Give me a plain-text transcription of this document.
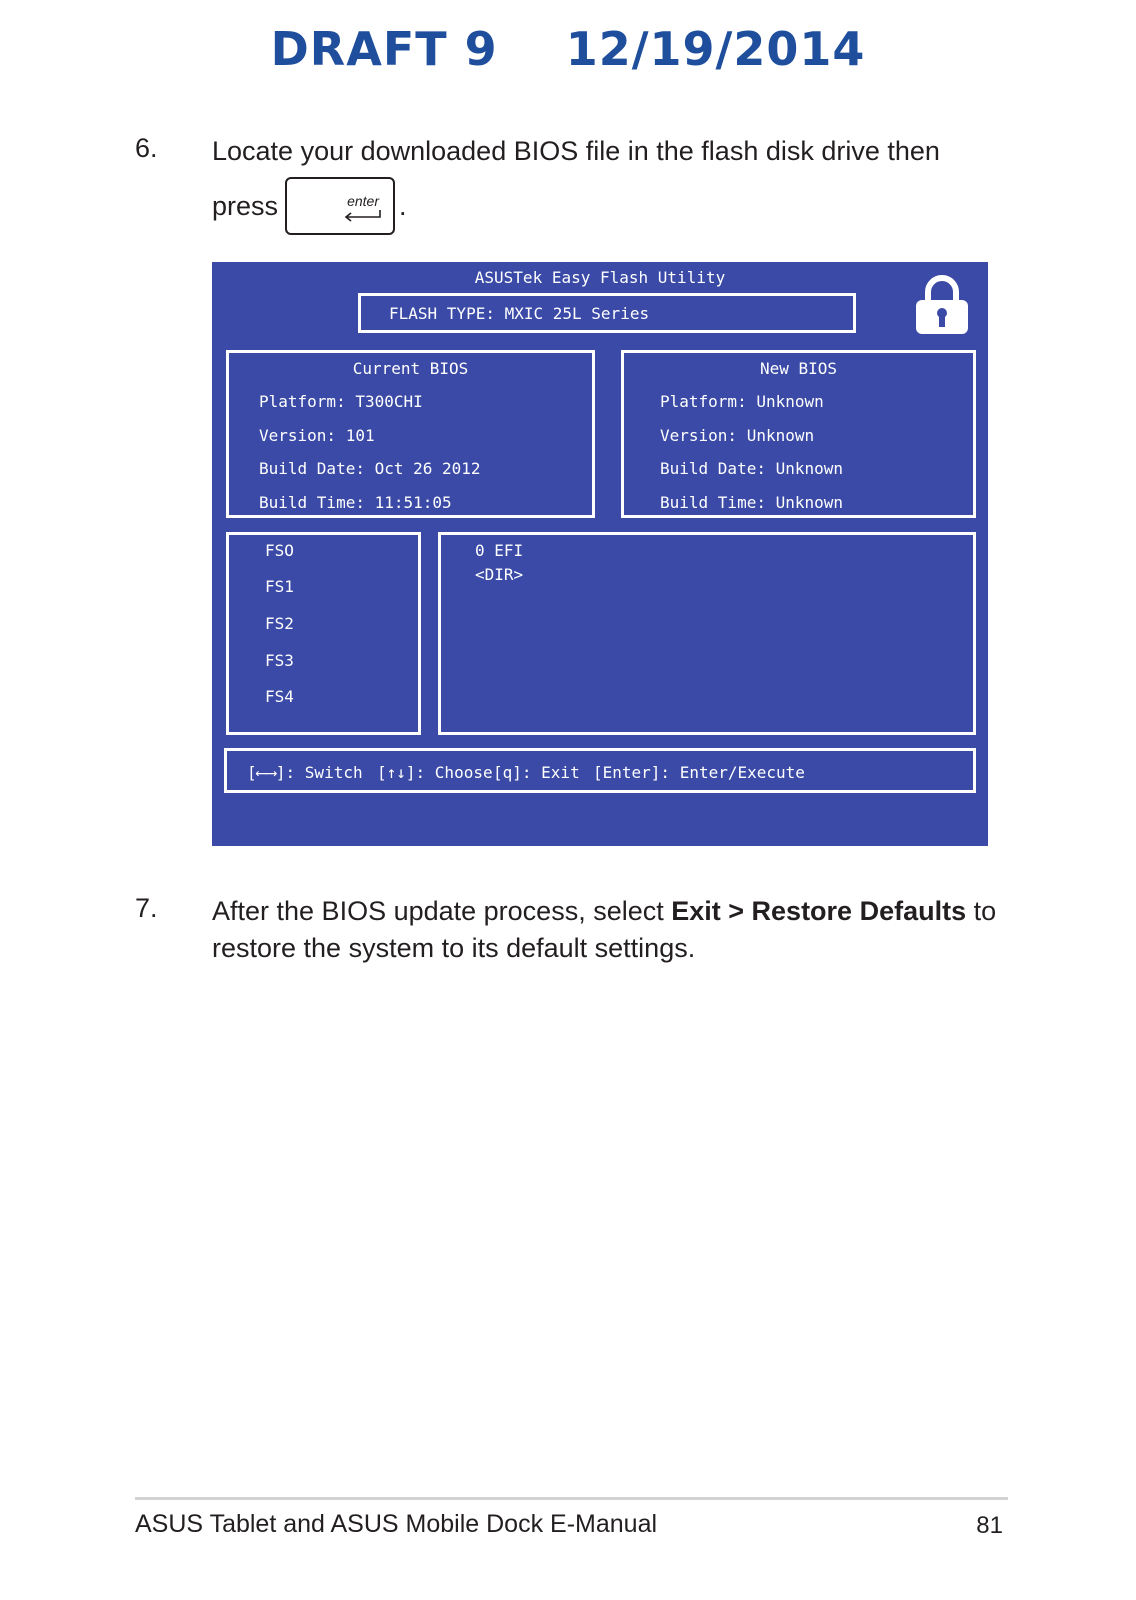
DRAFT 9    12/19/2014
6. Locate your downloaded BIOS file in the flash disk drive then
press	enter .
ASUSTek Easy Flash Utility
FLASH TYPE: MXIC 25L Series
Current BIOS
Platform: T300CHI
Version: 101
Build Date: Oct 26 2012
Build Time: 11:51:05
New BIOS
Platform: Unknown
Version: Unknown
Build Date: Unknown
Build Time: Unknown
FSO
FS1
FS2
FS3
FS4
0 EFI
<DIR>
[⟵⟶]: Switch [↑↓]: Choose [q]: Exit [Enter]: Enter/Execute
7. After the BIOS update process, select Exit > Restore Defaults to
restore the system to its default settings.
ASUS Tablet and ASUS Mobile Dock E-Manual	81
